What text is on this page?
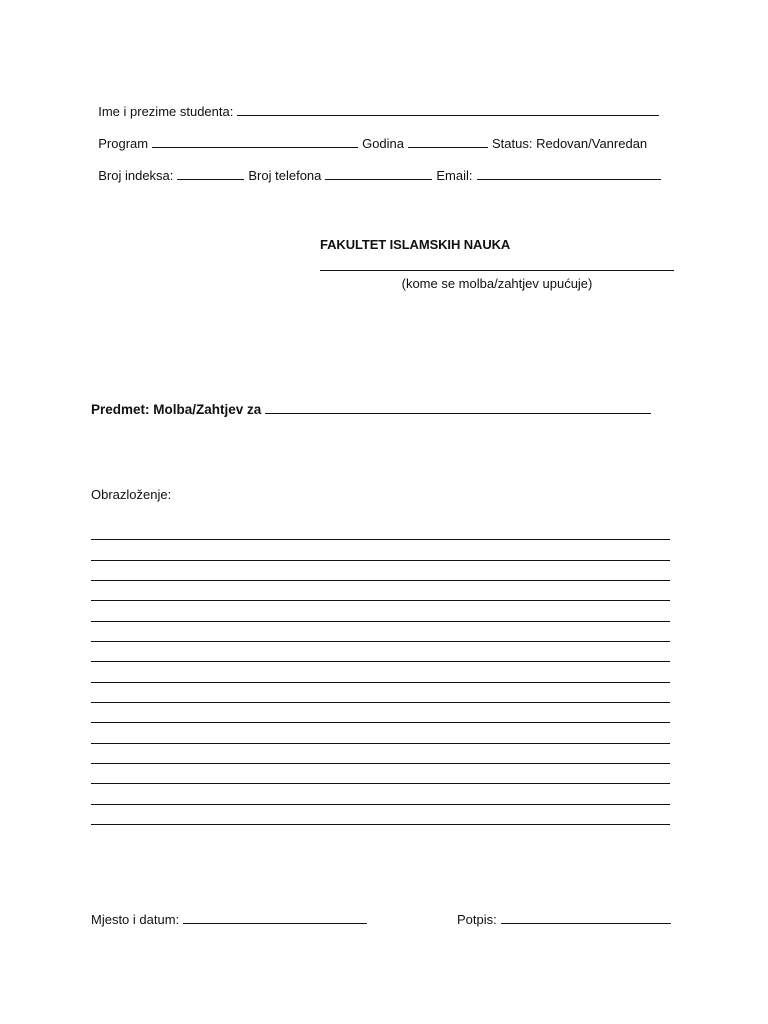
Ime i prezime studenta:

Program	Godina	Status: Redovan/Vanredan

Broj indeksa:	Broj telefona	Email:

FAKULTET ISLAMSKIH NAUKA
(kome se molba/zahtjev upućuje)
Predmet: Molba/Zahtjev za
Obrazloženje:
Mjesto i datum:	Potpis:
